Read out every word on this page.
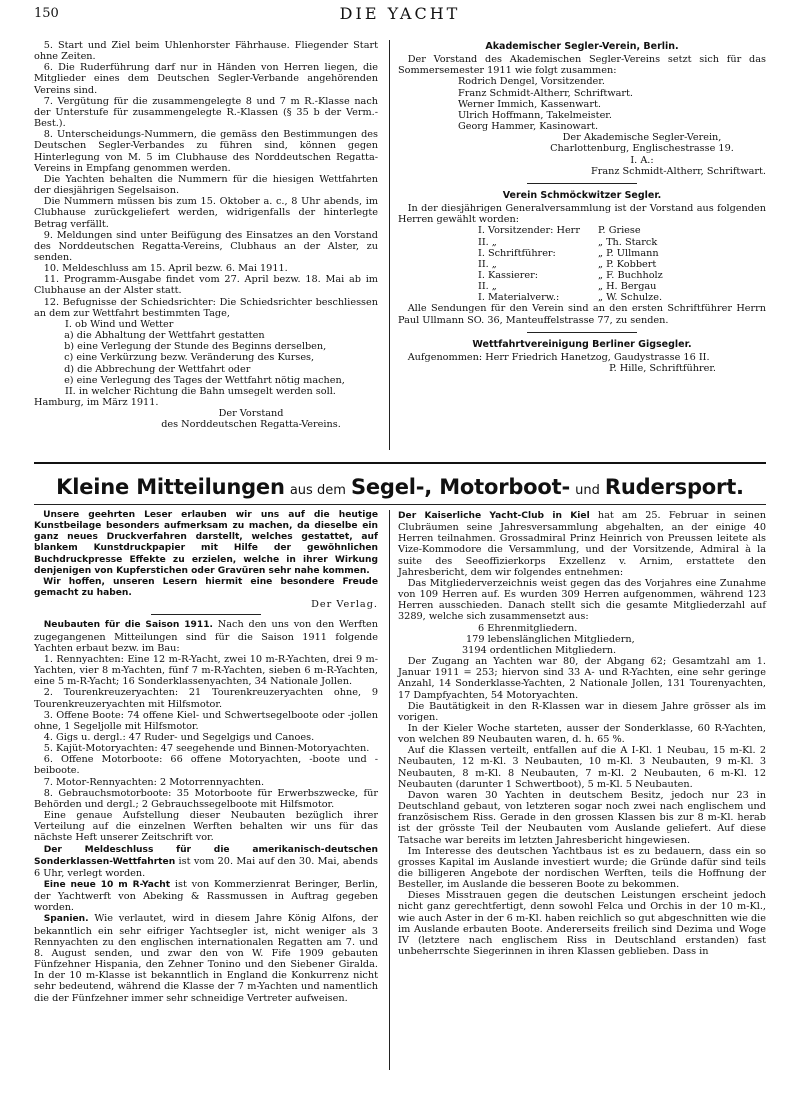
150	DIE YACHT

5. Start und Ziel beim Uhlenhorster Fährhause. Fliegender Start ohne Zeiten.

6. Die Ruderführung darf nur in Händen von Herren liegen, die Mitglieder eines dem Deutschen Segler-Verbande angehörenden Vereins sind.

7. Vergütung für die zusammengelegte 8 und 7 m R.-Klasse nach der Unterstufe für zusammengelegte R.-Klassen (§ 35 b der Verm.-Best.).

8. Unterscheidungs-Nummern, die gemäss den Bestimmungen des Deutschen Segler-Verbandes zu führen sind, können gegen Hinterlegung von M. 5 im Clubhause des Norddeutschen Regatta-Vereins in Empfang genommen werden.

Die Yachten behalten die Nummern für die hiesigen Wettfahrten der diesjährigen Segelsaison.

Die Nummern müssen bis zum 15. Oktober a. c., 8 Uhr abends, im Clubhause zurückgeliefert werden, widrigenfalls der hinterlegte Betrag verfällt.

9. Meldungen sind unter Beifügung des Einsatzes an den Vorstand des Norddeutschen Regatta-Vereins, Clubhaus an der Alster, zu senden.

10. Meldeschluss am 15. April bezw. 6. Mai 1911.

11. Programm-Ausgabe findet vom 27. April bezw. 18. Mai ab im Clubhause an der Alster statt.

12. Befugnisse der Schiedsrichter: Die Schiedsrichter beschliessen an dem zur Wettfahrt bestimmten Tage,

I. ob Wind und Wetter

a) die Abhaltung der Wettfahrt gestatten

b) eine Verlegung der Stunde des Beginns derselben,

c) eine Verkürzung bezw. Veränderung des Kurses,

d) die Abbrechung der Wettfahrt oder

e) eine Verlegung des Tages der Wettfahrt nötig machen,

II. in welcher Richtung die Bahn umsegelt werden soll.

Hamburg, im März 1911.

Der Vorstand

des Norddeutschen Regatta-Vereins.

Akademischer Segler-Verein, Berlin.

Der Vorstand des Akademischen Segler-Vereins setzt sich für das Sommersemester 1911 wie folgt zusammen:

Rodrich Dengel, Vorsitzender.
Franz Schmidt-Altherr, Schriftwart.
Werner Immich, Kassenwart.
Ulrich Hoffmann, Takelmeister.
Georg Hammer, Kasinowart.

Der Akademische Segler-Verein,

Charlottenburg, Englischestrasse 19.

I. A.:

Franz Schmidt-Altherr, Schriftwart.

Verein Schmöckwitzer Segler.

In der diesjährigen Generalversammlung ist der Vorstand aus folgenden Herren gewählt worden:

I. Vorsitzender: Herr	P. Griese
II. „	„ Th. Starck
I. Schriftführer:	„ P. Ullmann
II. „	„ P. Kobbert
I. Kassierer:	„ F. Buchholz
II. „	„ H. Bergau
I. Materialverw.:	„ W. Schulze.

Alle Sendungen für den Verein sind an den ersten Schriftführer Herrn Paul Ullmann SO. 36, Manteuffelstrasse 77, zu senden.

Wettfahrtvereinigung Berliner Gigsegler.

Aufgenommen: Herr Friedrich Hanetzog, Gaudystrasse 16 II.

P. Hille, Schriftführer.

Kleine Mitteilungen aus dem Segel-, Motorboot- und Rudersport.

Unsere geehrten Leser erlauben wir uns auf die heutige Kunstbeilage besonders aufmerksam zu machen, da dieselbe ein ganz neues Druckverfahren darstellt, welches gestattet, auf blankem Kunstdruckpapier mit Hilfe der gewöhnlichen Buchdruckpresse Effekte zu erzielen, welche in ihrer Wirkung denjenigen von Kupferstichen oder Gravüren sehr nahe kommen.

Wir hoffen, unseren Lesern hiermit eine besondere Freude gemacht zu haben.

Der Verlag.

Neubauten für die Saison 1911. Nach den uns von den Werften zugegangenen Mitteilungen sind für die Saison 1911 folgende Yachten erbaut bezw. im Bau:

1. Rennyachten: Eine 12 m-R-Yacht, zwei 10 m-R-Yachten, drei 9 m-Yachten, vier 8 m-Yachten, fünf 7 m-R-Yachten, sieben 6 m-R-Yachten, eine 5 m-R-Yacht; 16 Sonderklassenyachten, 34 Nationale Jollen.

2. Tourenkreuzeryachten: 21 Tourenkreuzeryachten ohne, 9 Tourenkreuzeryachten mit Hilfsmotor.

3. Offene Boote: 74 offene Kiel- und Schwertsegelboote oder -jollen ohne, 1 Segeljolle mit Hilfsmotor.

4. Gigs u. dergl.: 47 Ruder- und Segelgigs und Canoes.

5. Kajüt-Motoryachten: 47 seegehende und Binnen-Motoryachten.

6. Offene Motorboote: 66 offene Motoryachten, -boote und -beiboote.

7. Motor-Rennyachten: 2 Motorrennyachten.

8. Gebrauchsmotorboote: 35 Motorboote für Erwerbszwecke, für Behörden und dergl.; 2 Gebrauchssegelboote mit Hilfsmotor.

Eine genaue Aufstellung dieser Neubauten bezüglich ihrer Verteilung auf die einzelnen Werften behalten wir uns für das nächste Heft unserer Zeitschrift vor.

Der Meldeschluss für die amerikanisch-deutschen Sonderklassen-Wettfahrten ist vom 20. Mai auf den 30. Mai, abends 6 Uhr, verlegt worden.

Eine neue 10 m R-Yacht ist von Kommerzienrat Beringer, Berlin, der Yachtwerft von Abeking & Rassmussen in Auftrag gegeben worden.

Spanien. Wie verlautet, wird in diesem Jahre König Alfons, der bekanntlich ein sehr eifriger Yachtsegler ist, nicht weniger als 3 Rennyachten zu den englischen internationalen Regatten am 7. und 8. August senden, und zwar den von W. Fife 1909 gebauten Fünfzehner Hispania, den Zehner Tonino und den Siebener Giralda. In der 10 m-Klasse ist bekanntlich in England die Konkurrenz nicht sehr bedeutend, während die Klasse der 7 m-Yachten und namentlich die der Fünfzehner immer sehr schneidige Vertreter aufweisen.

Der Kaiserliche Yacht-Club in Kiel hat am 25. Februar in seinen Clubräumen seine Jahresversammlung abgehalten, an der einige 40 Herren teilnahmen. Grossadmiral Prinz Heinrich von Preussen leitete als Vize-Kommodore die Versammlung, und der Vorsitzende, Admiral à la suite des Seeoffizierkorps Exzellenz v. Arnim, erstattete den Jahresbericht, dem wir folgendes entnehmen:

Das Mitgliederverzeichnis weist gegen das des Vorjahres eine Zunahme von 109 Herren auf. Es wurden 309 Herren aufgenommen, während 123 Herren ausschieden. Danach stellt sich die gesamte Mitgliederzahl auf 3289, welche sich zusammensetzt aus:

6 Ehrenmitgliedern.

179 lebenslänglichen Mitgliedern,

3194 ordentlichen Mitgliedern.

Der Zugang an Yachten war 80, der Abgang 62; Gesamtzahl am 1. Januar 1911 = 253; hiervon sind 33 A- und R-Yachten, eine sehr geringe Anzahl, 14 Sonderklasse-Yachten, 2 Nationale Jollen, 131 Tourenyachten, 17 Dampfyachten, 54 Motoryachten.

Die Bautätigkeit in den R-Klassen war in diesem Jahre grösser als im vorigen.

In der Kieler Woche starteten, ausser der Sonderklasse, 60 R-Yachten, von welchen 89 Neubauten waren, d. h. 65 %.

Auf die Klassen verteilt, entfallen auf die A I-Kl. 1 Neubau, 15 m-Kl. 2 Neubauten, 12 m-Kl. 3 Neubauten, 10 m-Kl. 3 Neubauten, 9 m-Kl. 3 Neubauten, 8 m-Kl. 8 Neubauten, 7 m-Kl. 2 Neubauten, 6 m-Kl. 12 Neubauten (darunter 1 Schwertboot), 5 m-Kl. 5 Neubauten.

Davon waren 30 Yachten in deutschem Besitz, jedoch nur 23 in Deutschland gebaut, von letzteren sogar noch zwei nach englischem und französischem Riss. Gerade in den grossen Klassen bis zur 8 m-Kl. herab ist der grösste Teil der Neubauten vom Auslande geliefert. Auf diese Tatsache war bereits im letzten Jahresbericht hingewiesen.

Im Interesse des deutschen Yachtbaus ist es zu bedauern, dass ein so grosses Kapital im Auslande investiert wurde; die Gründe dafür sind teils die billigeren Angebote der nordischen Werften, teils die Hoffnung der Besteller, im Auslande die besseren Boote zu bekommen.

Dieses Misstrauen gegen die deutschen Leistungen erscheint jedoch nicht ganz gerechtfertigt, denn sowohl Felca und Orchis in der 10 m-Kl., wie auch Aster in der 6 m-Kl. haben reichlich so gut abgeschnitten wie die im Auslande erbauten Boote. Andererseits freilich sind Dezima und Woge IV (letztere nach englischem Riss in Deutschland erstanden) fast unbeherrschte Siegerinnen in ihren Klassen geblieben. Dass in
